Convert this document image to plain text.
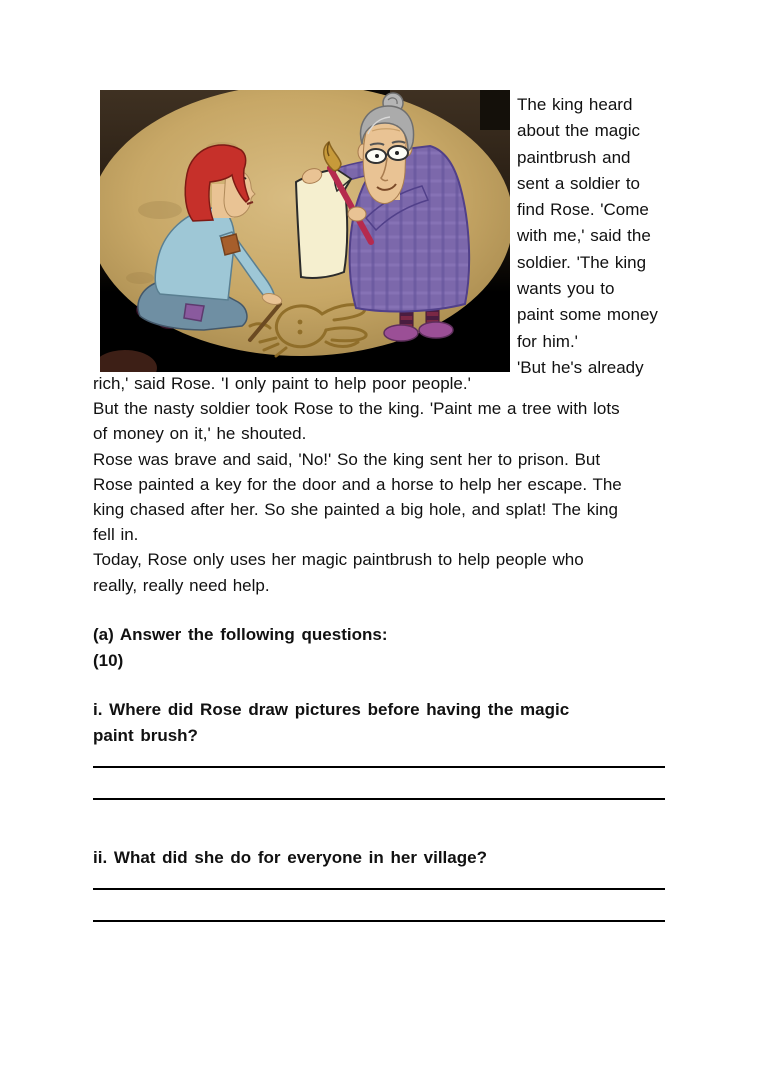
The king heard
about the magic
paintbrush and
sent a soldier to
find Rose. 'Come
with me,' said the
soldier. 'The king
wants you to
paint some money
for him.'
'But he's already
rich,' said Rose. 'I only paint to help poor people.'
But the nasty soldier took Rose to the king. 'Paint me a tree with lots
of money on it,' he shouted.
Rose was brave and said, 'No!' So the king sent her to prison. But
Rose painted a key for the door and a horse to help her escape. The
king chased after her. So she painted a big hole, and splat! The king
fell in.
Today, Rose only uses her magic paintbrush to help people who
really, really need help.
(a) Answer the following questions:
(10)
i. Where did Rose draw pictures before having the magic
paint brush?
ii. What did she do for everyone in her village?
